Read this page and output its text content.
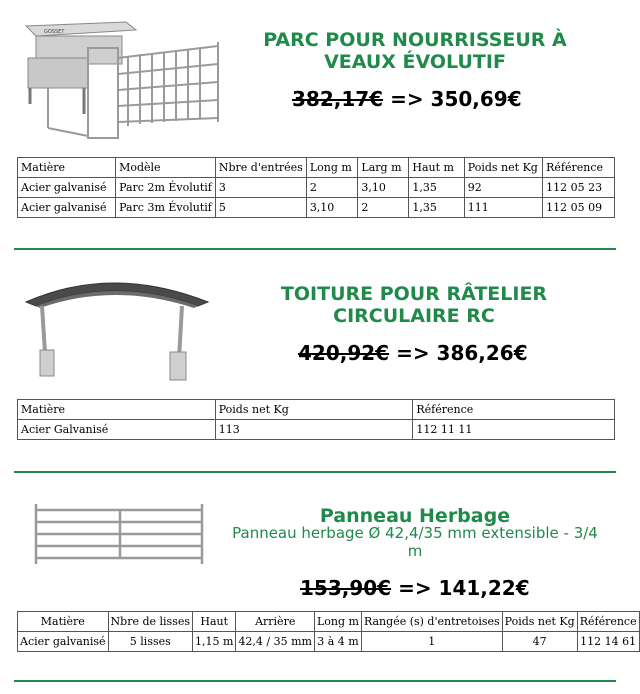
GOSSET	PARC POUR NOURRISSEUR À VEAUX ÉVOLUTIF
382,17€ => 350,69€
Matière	Modèle	Nbre d'entrées	Long m	Larg m	Haut m	Poids net Kg	Référence
Acier galvanisé	Parc 2m Évolutif	3	2	3,10	1,35	92	112 05 23
Acier galvanisé	Parc 3m Évolutif	5	3,10	2	1,35	111	112 05 09
TOITURE POUR RÂTELIER CIRCULAIRE RC
420,92€ => 386,26€
Matière	Poids net Kg	Référence
Acier Galvanisé	113	112 11 11
Panneau Herbage
Panneau herbage Ø 42,4/35 mm extensible - 3/4 m
153,90€ => 141,22€
Matière	Nbre de lisses	Haut	Arrière	Long m	Rangée (s) d'entretoises	Poids net Kg	Référence
Acier galvanisé	5 lisses	1,15 m	42,4 / 35 mm	3 à 4 m	1	47	112 14 61
